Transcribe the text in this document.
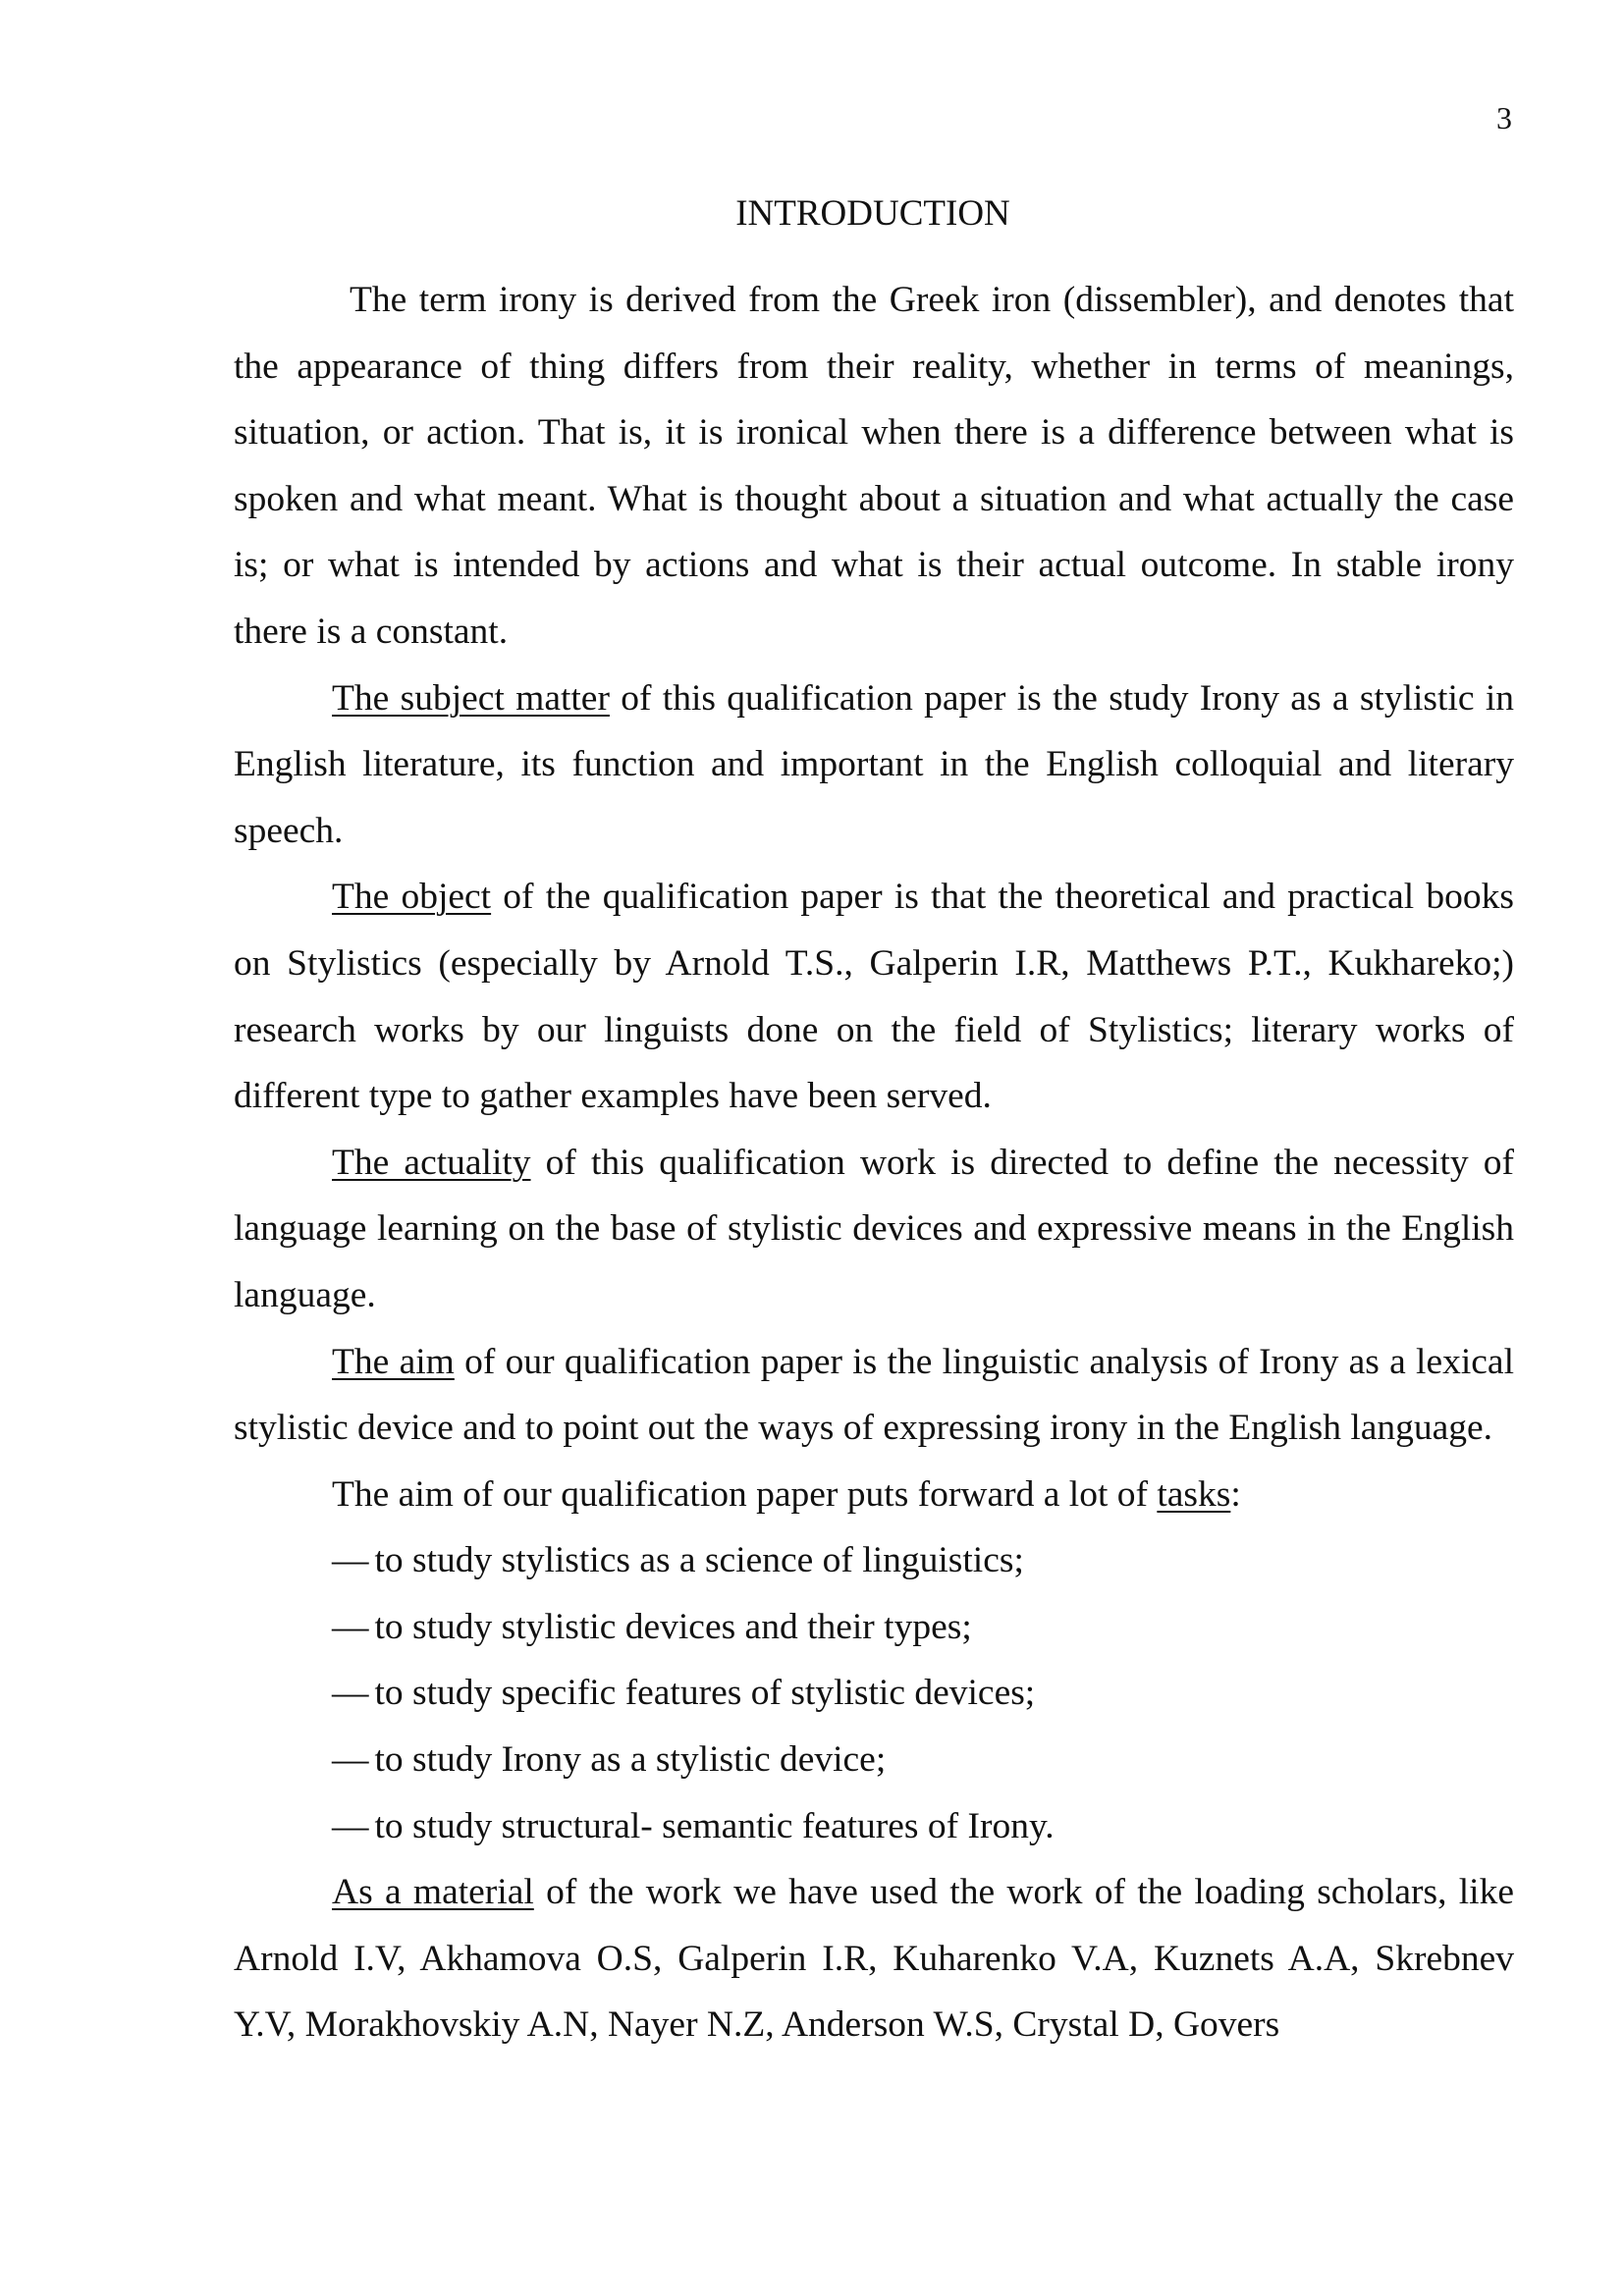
3
INTRODUCTION

The term irony is derived from the Greek iron (dissembler), and denotes that the appearance of thing differs from their reality, whether in terms of meanings, situation, or action. That is, it is ironical when there is a difference between what is spoken and what meant. What is thought about a situation and what actually the case is; or what is intended by actions and what is their actual outcome. In stable irony there is a constant.

The subject matter of this qualification paper is the study Irony as a stylistic in English literature, its function and important in the English colloquial and literary speech.

The object of the qualification paper is that the theoretical and practical books on Stylistics (especially by Arnold T.S., Galperin I.R, Matthews P.T., Kukhareko;) research works by our linguists done on the field of Stylistics; literary works of different type to gather examples have been served.

The actuality of this qualification work is directed to define the necessity of language learning on the base of stylistic devices and expressive means in the English language.

The aim of our qualification paper is the linguistic analysis of Irony as a lexical stylistic device and to point out the ways of expressing irony in the English language.

The aim of our qualification paper puts forward a lot of tasks:

— to study stylistics as a science of linguistics;

— to study stylistic devices and their types;

— to study specific features of stylistic devices;

— to study Irony as a stylistic device;

— to study structural- semantic features of Irony.

As a material of the work we have used the work of the loading scholars, like Arnold I.V, Akhamova O.S, Galperin I.R, Kuharenko V.A, Kuznets A.A, Skrebnev Y.V, Morakhovskiy A.N, Nayer N.Z, Anderson W.S, Crystal D, Govers
